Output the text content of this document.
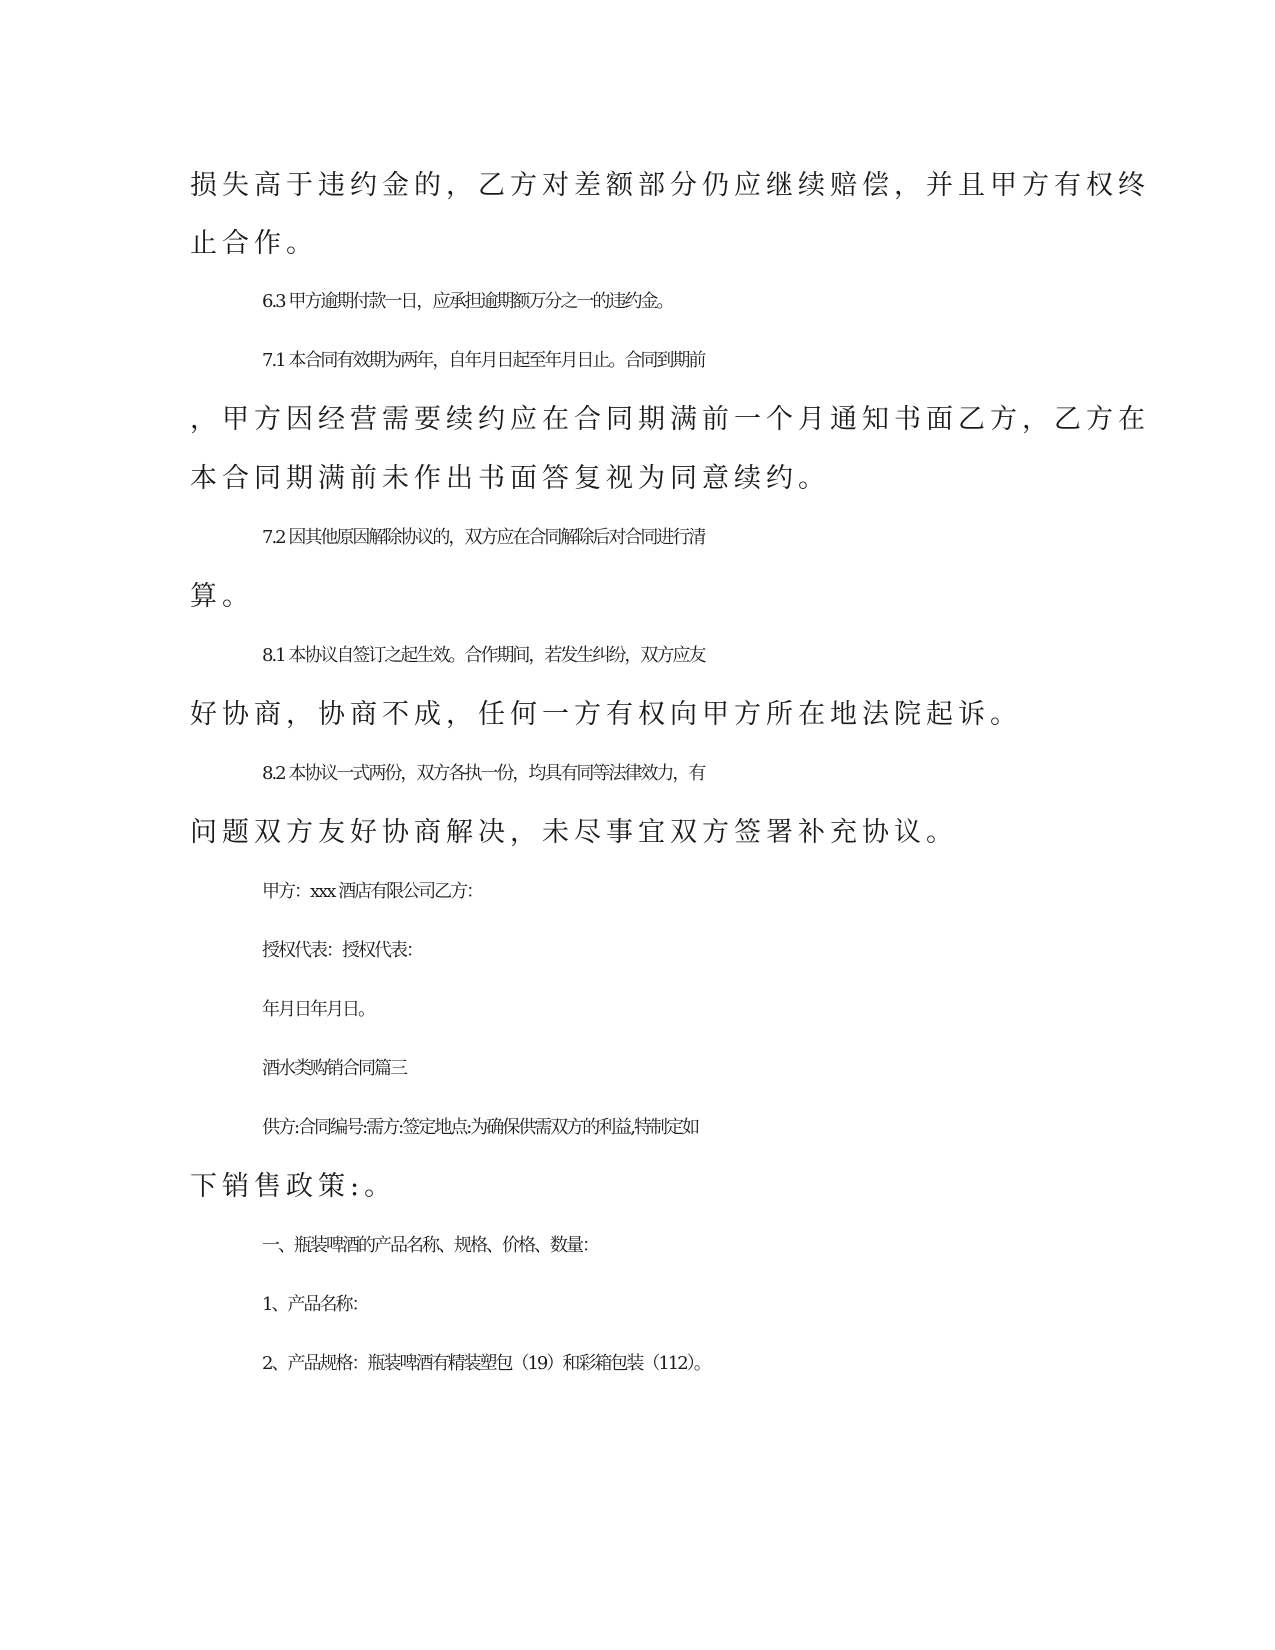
损失高于违约金的，乙方对差额部分仍应继续赔偿，并且甲方有权终
止合作。
6.3 甲方逾期付款一日，应承担逾期额万分之一的违约金。
7.1 本合同有效期为两年，自年月日起至年月日止。合同到期前
，甲方因经营需要续约应在合同期满前一个月通知书面乙方，乙方在
本合同期满前未作出书面答复视为同意续约。
7.2 因其他原因解除协议的，双方应在合同解除后对合同进行清
算。
8.1 本协议自签订之起生效。合作期间，若发生纠纷，双方应友
好协商，协商不成，任何一方有权向甲方所在地法院起诉。
8.2 本协议一式两份，双方各执一份，均具有同等法律效力，有
问题双方友好协商解决，未尽事宜双方签署补充协议。
甲方：xxx 酒店有限公司乙方：
授权代表：授权代表：
年月日年月日。
酒水类购销合同篇三
供方:合同编号:需方:签定地点:为确保供需双方的利益,特制定如
下销售政策:。
一、瓶装啤酒的产品名称、规格、价格、数量：
1、产品名称：
2、产品规格：瓶装啤酒有精装塑包（19）和彩箱包装（112）。
